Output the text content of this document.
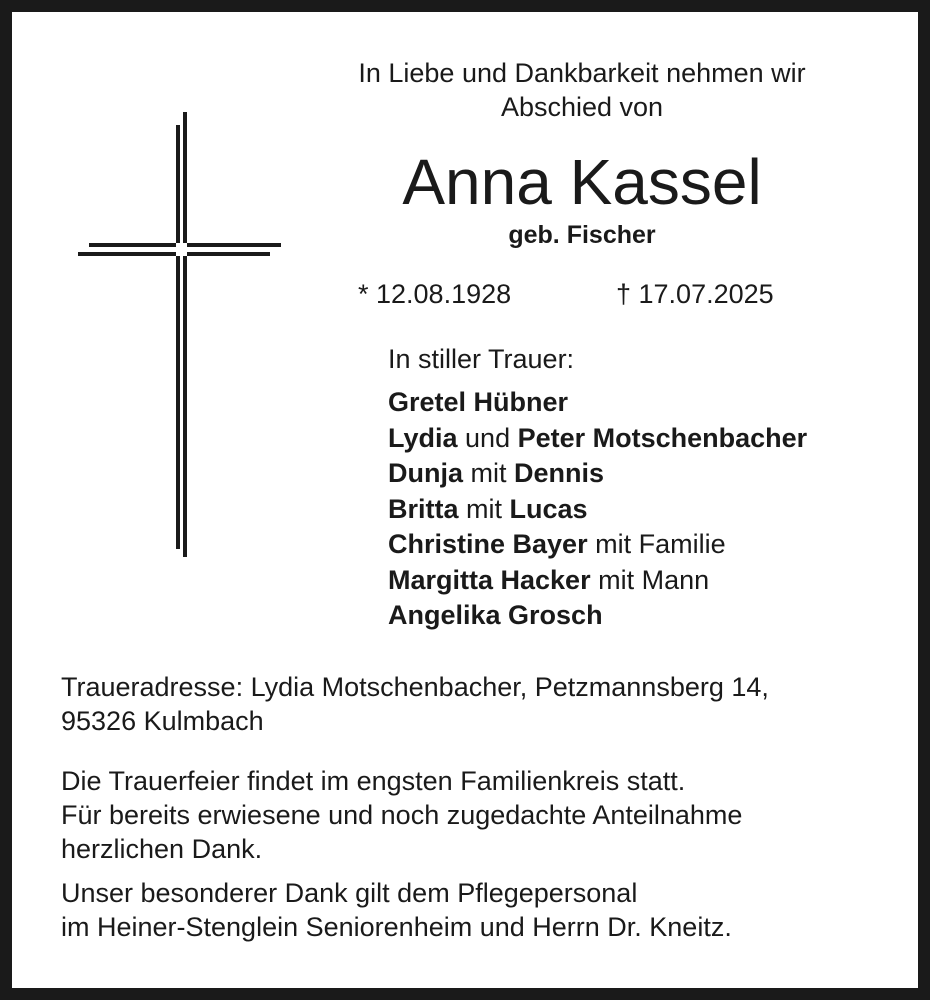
In Liebe und Dankbarkeit nehmen wir
Abschied von
Anna Kassel
geb. Fischer
* 12.08.1928	† 17.07.2025
In stiller Trauer:
Gretel Hübner
Lydia und Peter Motschenbacher
Dunja mit Dennis
Britta mit Lucas
Christine Bayer mit Familie
Margitta Hacker mit Mann
Angelika Grosch
Traueradresse: Lydia Motschenbacher, Petzmannsberg 14,
95326 Kulmbach
Die Trauerfeier findet im engsten Familienkreis statt.
Für bereits erwiesene und noch zugedachte Anteilnahme
herzlichen Dank.
Unser besonderer Dank gilt dem Pflegepersonal
im Heiner-Stenglein Seniorenheim und Herrn Dr. Kneitz.
